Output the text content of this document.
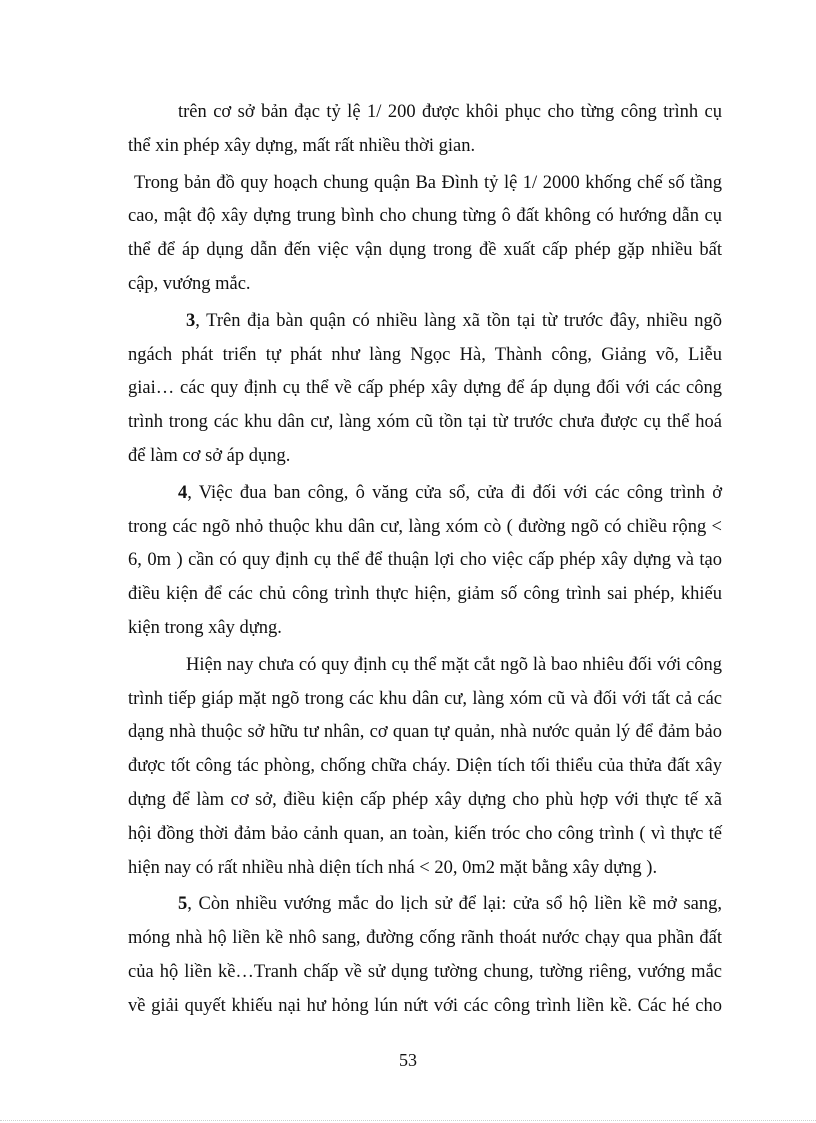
trên cơ sở bản đạc tỷ lệ 1/ 200 được khôi phục cho từng công trình cụ
thể xin phép xây dựng, mất rất nhiều thời gian.
Trong bản đồ quy hoạch chung quận Ba Đình tỷ lệ 1/ 2000 khống chế số tầng
cao, mật độ xây dựng trung bình cho chung từng ô đất không có hướng dẫn cụ
thể để áp dụng dẫn đến việc vận dụng trong đề xuất cấp phép gặp nhiều bất
cập, vướng mắc.
3, Trên địa bàn quận có nhiều làng xã tồn tại từ trước đây, nhiều ngõ
ngách phát triển tự phát như làng Ngọc Hà, Thành công, Giảng võ, Liễu
giai… các quy định cụ thể về cấp phép xây dựng để áp dụng đối với các công
trình trong các khu dân cư, làng xóm cũ tồn tại từ trước chưa được cụ thể hoá
để làm cơ sở áp dụng.
4, Việc đua ban công, ô văng cửa sổ, cửa đi đối với các công trình ở
trong các ngõ nhỏ thuộc khu dân cư, làng xóm cò ( đường ngõ có chiều rộng <
6, 0m ) cần có quy định cụ thể để thuận lợi cho việc cấp phép xây dựng và tạo
điều kiện để các chủ công trình thực hiện, giảm số công trình sai phép, khiếu
kiện trong xây dựng.
Hiện nay chưa có quy định cụ thể mặt cắt ngõ là bao nhiêu đối với công
trình tiếp giáp mặt ngõ trong các khu dân cư, làng xóm cũ và đối với tất cả các
dạng nhà thuộc sở hữu tư nhân, cơ quan tự quản, nhà nước quản lý để đảm bảo
được tốt công tác phòng, chống chữa cháy. Diện tích tối thiểu của thửa đất xây
dựng để làm cơ sở, điều kiện cấp phép xây dựng cho phù hợp với thực tế xã
hội đồng thời đảm bảo cảnh quan, an toàn, kiến tróc cho công trình ( vì thực tế
hiện nay có rất nhiều nhà diện tích nhá < 20, 0m2 mặt bằng xây dựng ).
5, Còn nhiều vướng mắc do lịch sử để lại: cửa sổ hộ liền kề mở sang,
móng nhà hộ liền kề nhô sang, đường cống rãnh thoát nước chạy qua phần đất
của hộ liền kề…Tranh chấp về sử dụng tường chung, tường riêng, vướng mắc
về giải quyết khiếu nại hư hỏng lún nứt với các công trình liền kề. Các hé cho
53
